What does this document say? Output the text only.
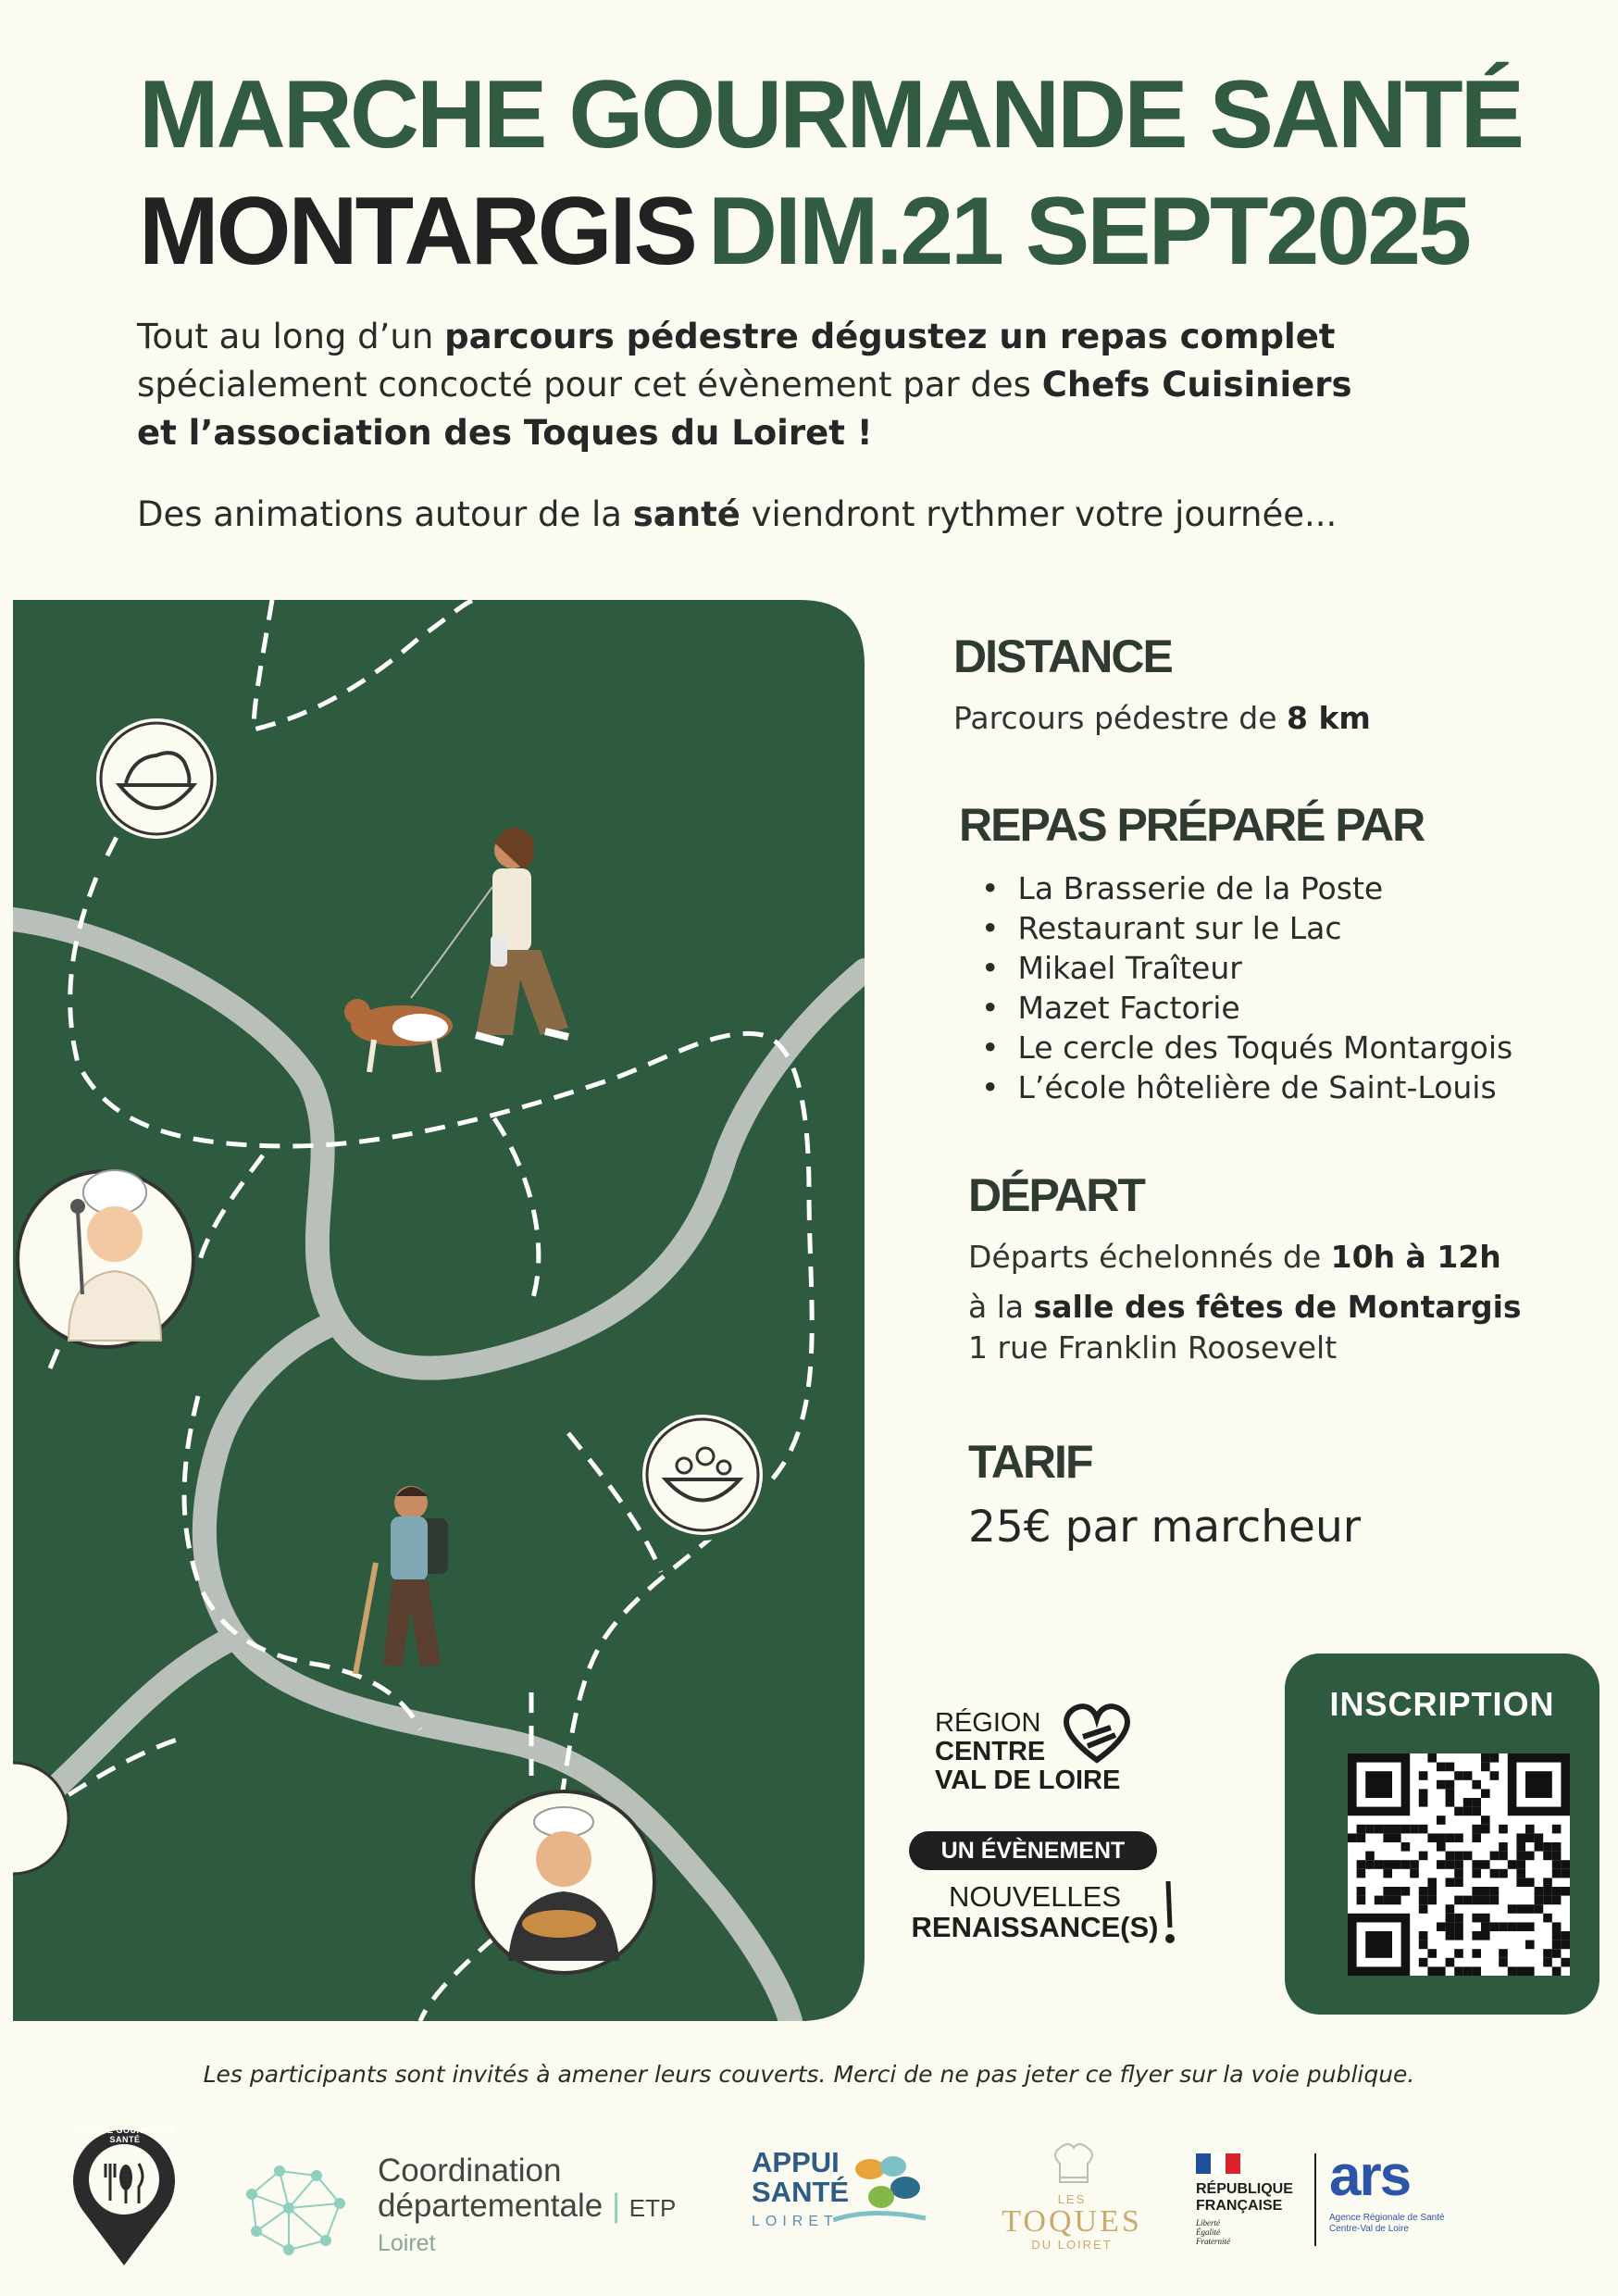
MARCHE GOURMANDE SANTÉ
MONTARGIS DIM.21 SEPT2025
Tout au long d’un parcours pédestre dégustez un repas complet
spécialement concocté pour cet évènement par des Chefs Cuisiniers
et l’association des Toques du Loiret !
Des animations autour de la santé viendront rythmer votre journée...
DISTANCE
Parcours pédestre de 8 km
REPAS PRÉPARÉ PAR
• La Brasserie de la Poste
• Restaurant sur le Lac
• Mikael Traîteur
• Mazet Factorie
• Le cercle des Toqués Montargois
• L’école hôtelière de Saint-Louis
DÉPART
Départs échelonnés de 10h à 12h
à la salle des fêtes de Montargis
1 rue Franklin Roosevelt
TARIF
25€ par marcheur
INSCRIPTION
RÉGION
CENTRE
VAL DE LOIRE
UN ÉVÈNEMENT
NOUVELLES
RENAISSANCE(S)
Les participants sont invités à amener leurs couverts. Merci de ne pas jeter ce flyer sur la voie publique.
MARCHE GOURMANDE SANTÉ
Coordination
départementale | ETP
Loiret
APPUI
SANTÉ
LOIRET
LES
TOQUES
DU LOIRET
RÉPUBLIQUE
FRANÇAISE
Liberté
Égalité
Fraternité
ars
Agence Régionale de Santé
Centre-Val de Loire
